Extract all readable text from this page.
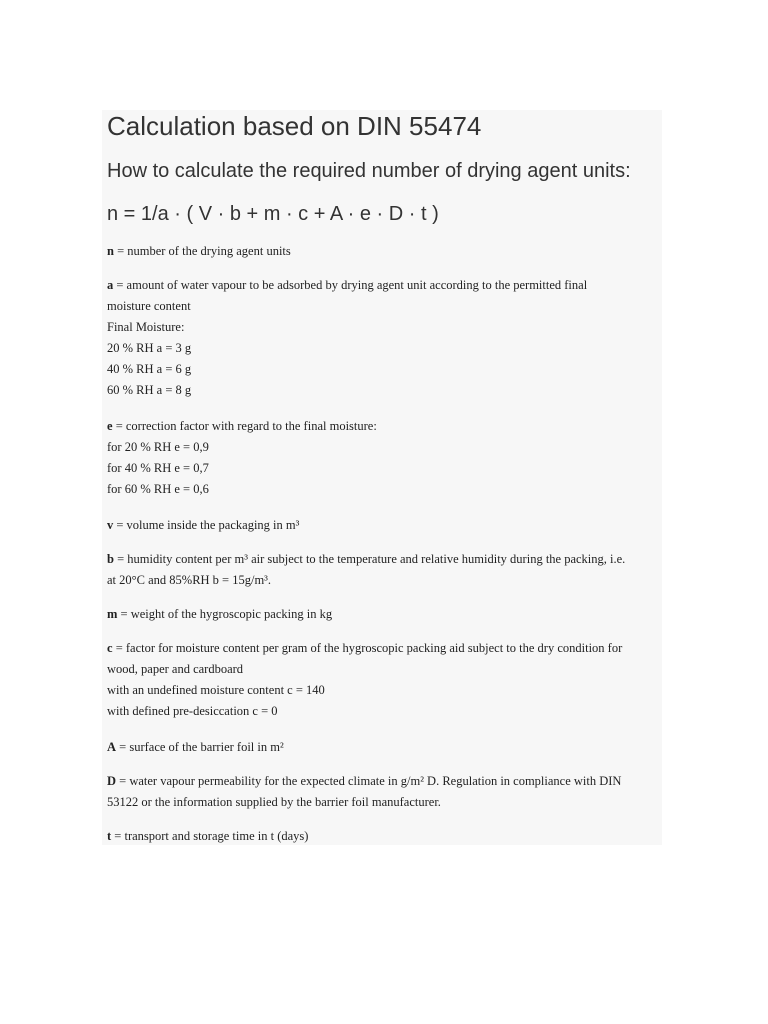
Calculation based on DIN 55474
How to calculate the required number of drying agent units:
n = 1/a · ( V · b + m · c + A · e · D · t )
n = number of the drying agent units
a = amount of water vapour to be adsorbed by drying agent unit according to the permitted final
moisture content
Final Moisture:
20 % RH a = 3 g
40 % RH a = 6 g
60 % RH a = 8 g
e = correction factor with regard to the final moisture:
for 20 % RH e = 0,9
for 40 % RH e = 0,7
for 60 % RH e = 0,6
v = volume inside the packaging in m³
b = humidity content per m³ air subject to the temperature and relative humidity during the packing, i.e.
at 20°C and 85%RH b = 15g/m³.
m = weight of the hygroscopic packing in kg
c = factor for moisture content per gram of the hygroscopic packing aid subject to the dry condition for
wood, paper and cardboard
with an undefined moisture content c = 140
with defined pre-desiccation c = 0
A = surface of the barrier foil in m²
D = water vapour permeability for the expected climate in g/m² D. Regulation in compliance with DIN
53122 or the information supplied by the barrier foil manufacturer.
t = transport and storage time in t (days)
